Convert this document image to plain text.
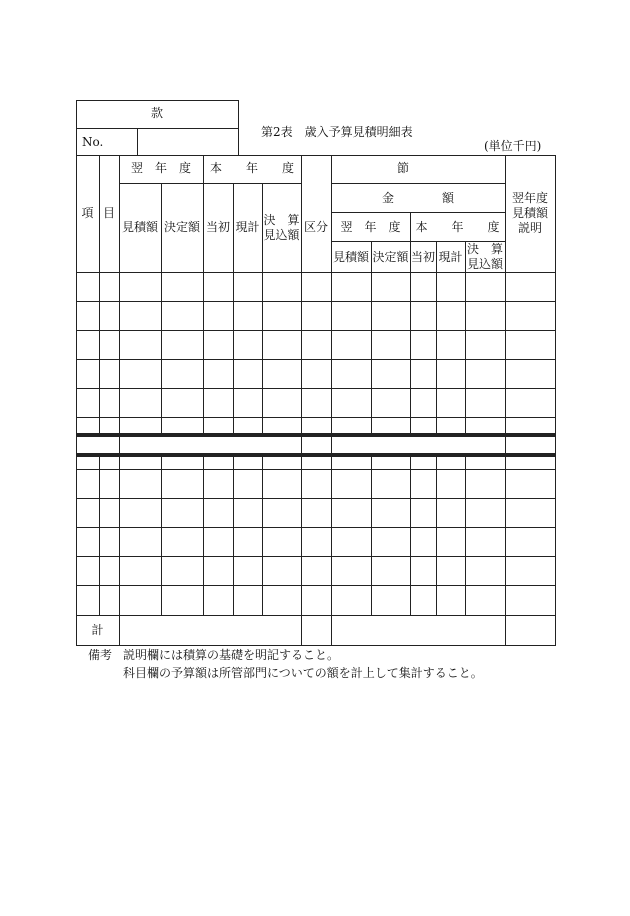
款
No.
第2表　歳入予算見積明細表
(単位千円)
項 目
翌　年　度	本　　年　　度
見積額 決定額 当初 現計 決　算
見込額
節
区分
金　　　　額
翌　年　度	本　　年　　度
見積額 決定額 当初 現計
決　算
見込額
翌年度
見積額
説明
計
備考 説明欄には積算の基礎を明記すること。
科目欄の予算額は所管部門についての額を計上して集計すること。
